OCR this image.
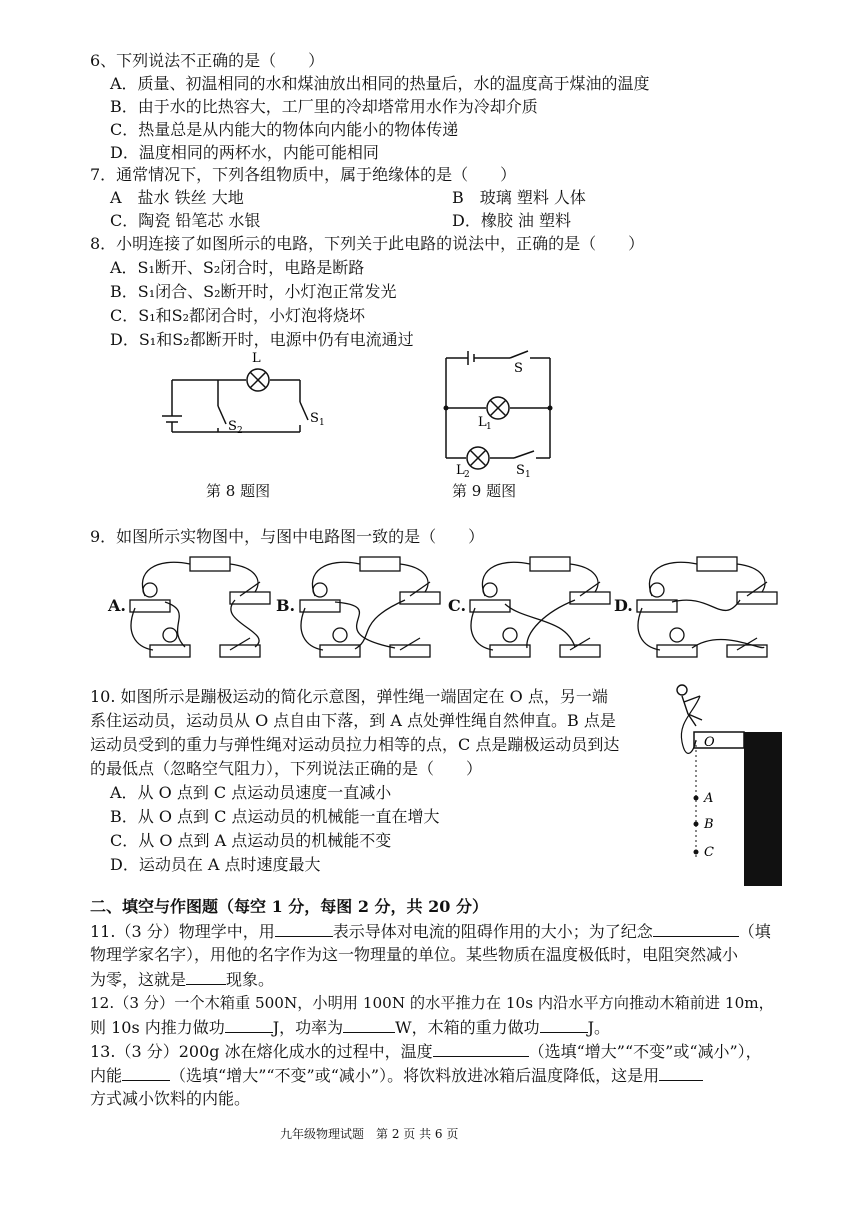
6、下列说法不正确的是（　　）
A．质量、初温相同的水和煤油放出相同的热量后，水的温度高于煤油的温度
B．由于水的比热容大，工厂里的冷却塔常用水作为冷却介质
C．热量总是从内能大的物体向内能小的物体传递
D．温度相同的两杯水，内能可能相同
7．通常情况下，下列各组物质中，属于绝缘体的是（　　）
A　盐水 铁丝 大地	B　玻璃 塑料 人体
C．陶瓷 铅笔芯 水银	D．橡胶 油 塑料
8．小明连接了如图所示的电路，下列关于此电路的说法中，正确的是（　　）
A．S₁断开、S₂闭合时，电路是断路
B．S₁闭合、S₂断开时，小灯泡正常发光
C．S₁和S₂都闭合时，小灯泡将烧坏
D．S₁和S₂都断开时，电源中仍有电流通过
L
S 2
S 1
第 8 题图
S
L 1
L 2	S 1
第 9 题图
9．如图所示实物图中，与图中电路图一致的是（　　）
A.	B.	C.	D.
10. 如图所示是蹦极运动的简化示意图，弹性绳一端固定在 O 点，另一端
系住运动员，运动员从 O 点自由下落，到 A 点处弹性绳自然伸直。B 点是
运动员受到的重力与弹性绳对运动员拉力相等的点，C 点是蹦极运动员到达
的最低点（忽略空气阻力），下列说法正确的是（　　）
A．从 O 点到 C 点运动员速度一直减小
B．从 O 点到 C 点运动员的机械能一直在增大
C．从 O 点到 A 点运动员的机械能不变
D．运动员在 A 点时速度最大
O
A
B
C
二、填空与作图题（每空 1 分，每图 2 分，共 20 分）
11.（3 分）物理学中，用	表示导体对电流的阻碍作用的大小；为了纪念	（填
物理学家名字），用他的名字作为这一物理量的单位。某些物质在温度极低时，电阻突然减小
为零，这就是	现象。
12.（3 分）一个木箱重 500N，小明用 100N 的水平推力在 10s 内沿水平方向推动木箱前进 10m，
则 10s 内推力做功	J，功率为	W，木箱的重力做功	J。
13.（3 分）200g 冰在熔化成水的过程中，温度	（选填“增大”“不变”或“减小”），
内能	（选填“增大”“不变”或“减小”）。将饮料放进冰箱后温度降低，这是用
方式减小饮料的内能。
九年级物理试题　第 2 页 共 6 页
